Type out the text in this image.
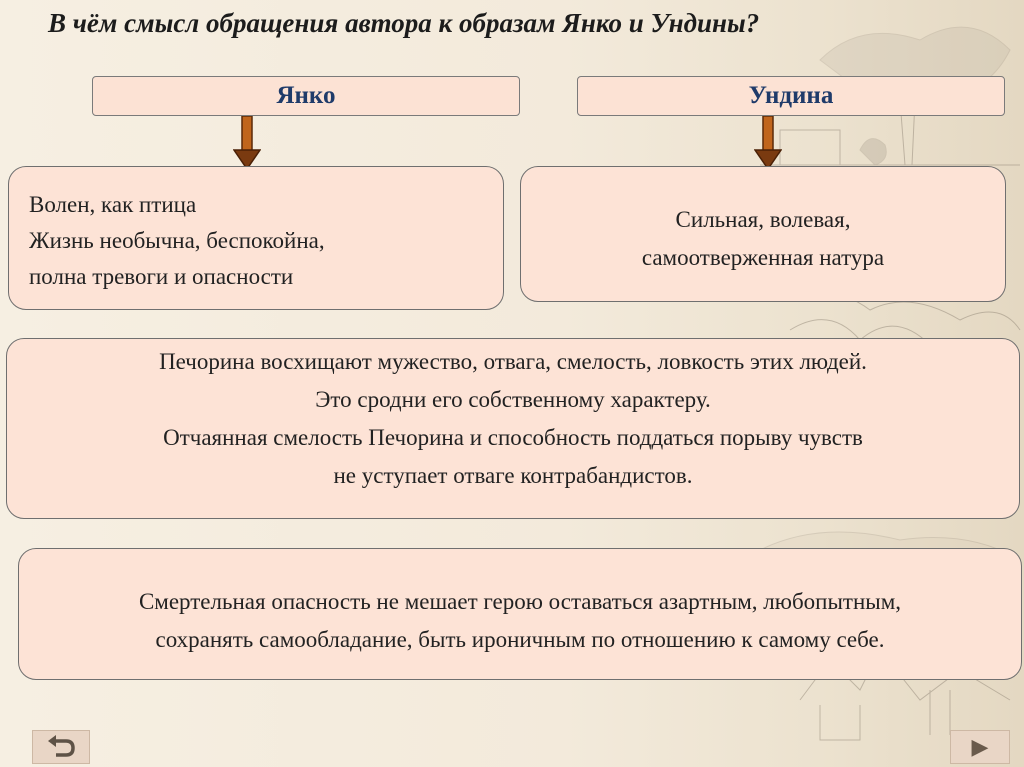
В чём смысл обращения автора к образам Янко и Ундины?
Янко	Ундина
Волен, как птица
Жизнь необычна, беспокойна,
полна тревоги и опасности
Сильная, волевая,
самоотверженная натура
Печорина восхищают мужество, отвага, смелость, ловкость этих людей.
Это сродни его собственному характеру.
Отчаянная смелость Печорина и способность поддаться порыву чувств
не уступает отваге контрабандистов.
Смертельная опасность не мешает герою оставаться азартным, любопытным,
сохранять самообладание, быть ироничным по отношению к самому себе.
▶
